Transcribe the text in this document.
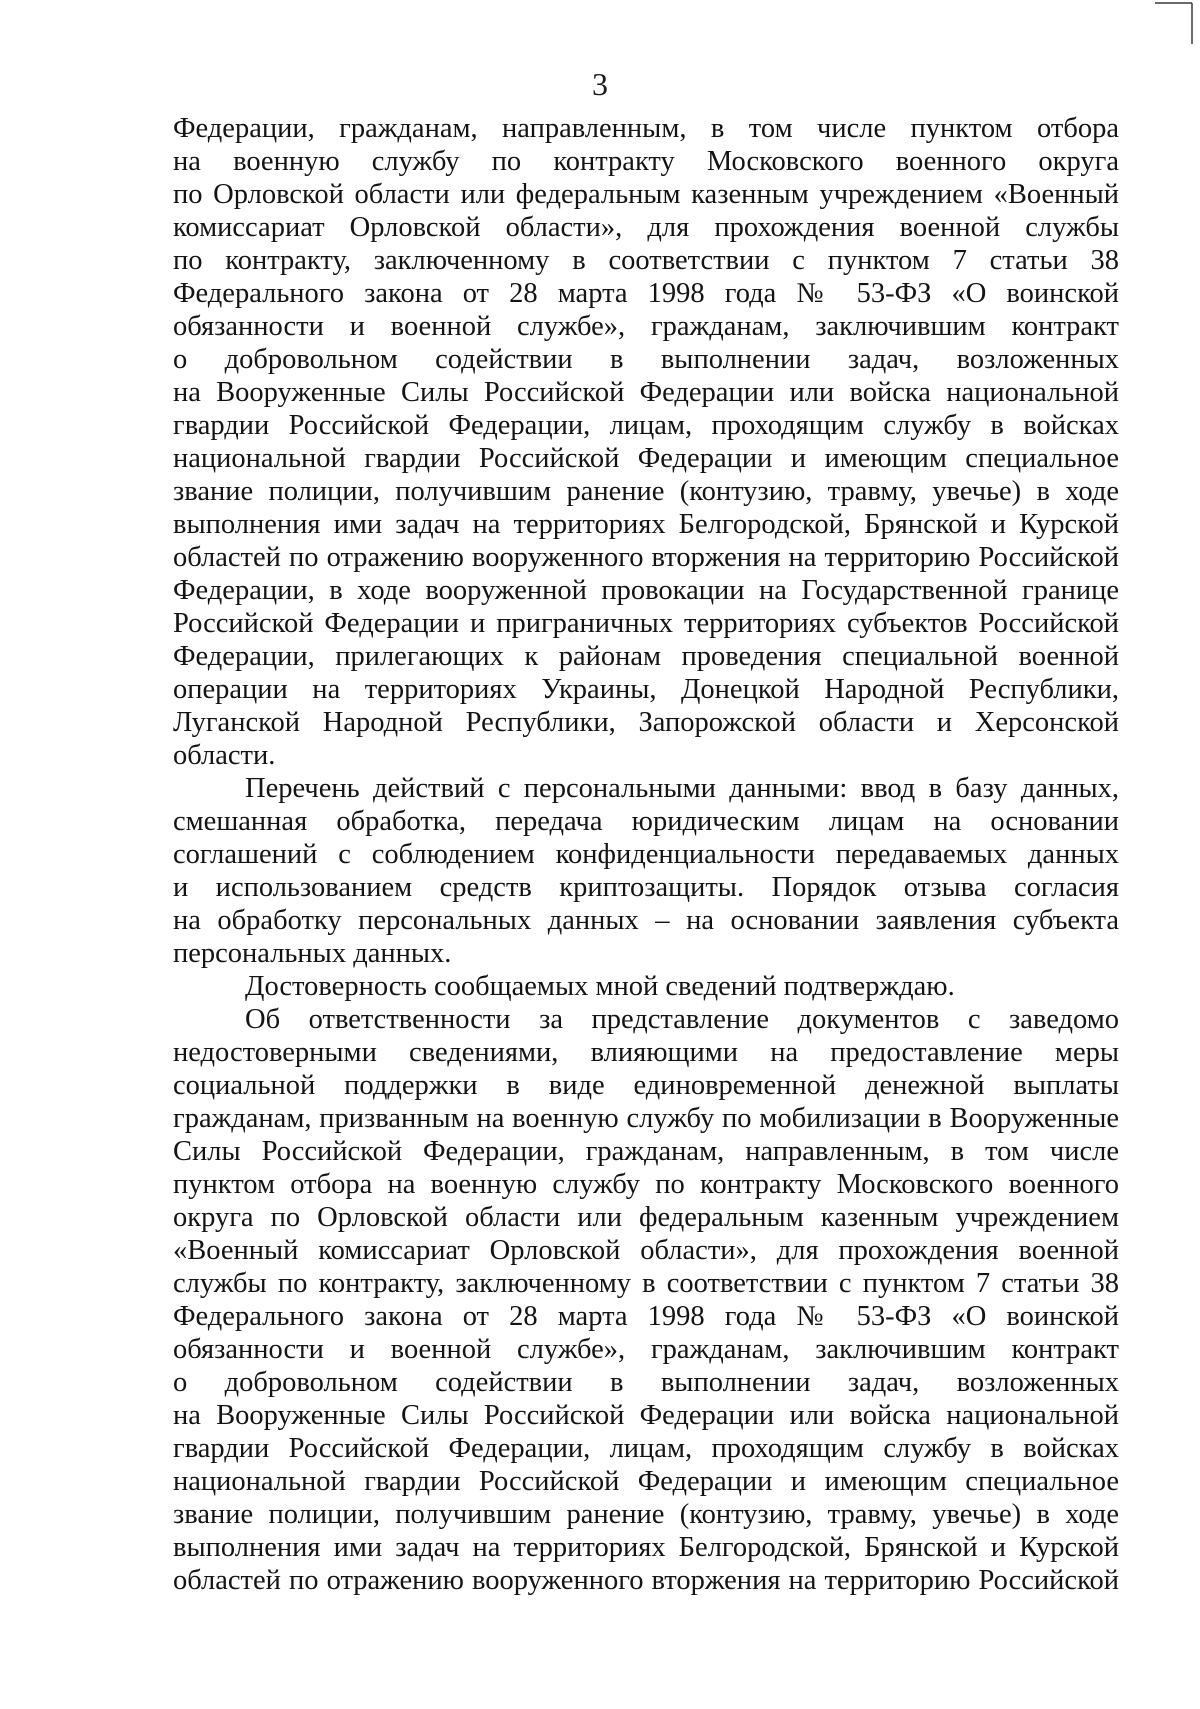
3
Федерации, гражданам, направленным, в том числе пунктом отбора
на военную службу по контракту Московского военного округа
по Орловской области или федеральным казенным учреждением «Военный
комиссариат Орловской области», для прохождения военной службы
по контракту, заключенному в соответствии с пунктом 7 статьи 38
Федерального закона от 28 марта 1998 года № 53-ФЗ «О воинской
обязанности и военной службе», гражданам, заключившим контракт
о добровольном содействии в выполнении задач, возложенных
на Вооруженные Силы Российской Федерации или войска национальной
гвардии Российской Федерации, лицам, проходящим службу в войсках
национальной гвардии Российской Федерации и имеющим специальное
звание полиции, получившим ранение (контузию, травму, увечье) в ходе
выполнения ими задач на территориях Белгородской, Брянской и Курской
областей по отражению вооруженного вторжения на территорию Российской
Федерации, в ходе вооруженной провокации на Государственной границе
Российской Федерации и приграничных территориях субъектов Российской
Федерации, прилегающих к районам проведения специальной военной
операции на территориях Украины, Донецкой Народной Республики,
Луганской Народной Республики, Запорожской области и Херсонской
области.
Перечень действий с персональными данными: ввод в базу данных,
смешанная обработка, передача юридическим лицам на основании
соглашений с соблюдением конфиденциальности передаваемых данных
и использованием средств криптозащиты. Порядок отзыва согласия
на обработку персональных данных – на основании заявления субъекта
персональных данных.
Достоверность сообщаемых мной сведений подтверждаю.
Об ответственности за представление документов с заведомо
недостоверными сведениями, влияющими на предоставление меры
социальной поддержки в виде единовременной денежной выплаты
гражданам, призванным на военную службу по мобилизации в Вооруженные
Силы Российской Федерации, гражданам, направленным, в том числе
пунктом отбора на военную службу по контракту Московского военного
округа по Орловской области или федеральным казенным учреждением
«Военный комиссариат Орловской области», для прохождения военной
службы по контракту, заключенному в соответствии с пунктом 7 статьи 38
Федерального закона от 28 марта 1998 года № 53-ФЗ «О воинской
обязанности и военной службе», гражданам, заключившим контракт
о добровольном содействии в выполнении задач, возложенных
на Вооруженные Силы Российской Федерации или войска национальной
гвардии Российской Федерации, лицам, проходящим службу в войсках
национальной гвардии Российской Федерации и имеющим специальное
звание полиции, получившим ранение (контузию, травму, увечье) в ходе
выполнения ими задач на территориях Белгородской, Брянской и Курской
областей по отражению вооруженного вторжения на территорию Российской
